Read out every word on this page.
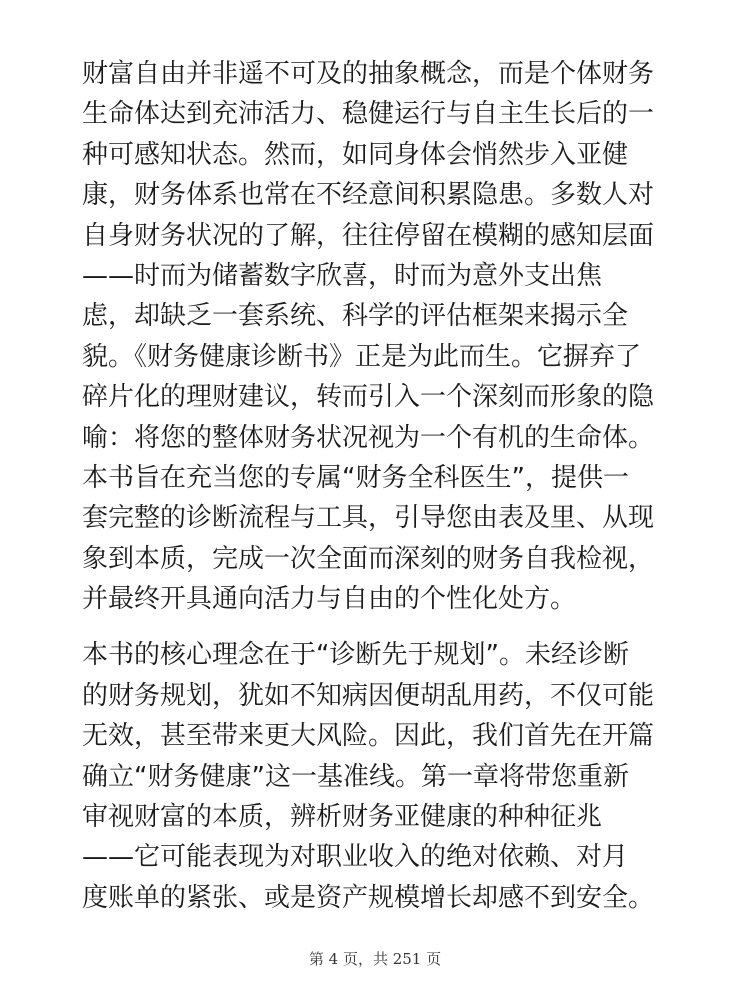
财富自由并非遥不可及的抽象概念，而是个体财务
生命体达到充沛活力、稳健运行与自主生长后的一
种可感知状态。然而，如同身体会悄然步入亚健
康，财务体系也常在不经意间积累隐患。多数人对
自身财务状况的了解，往往停留在模糊的感知层面
——时而为储蓄数字欣喜，时而为意外支出焦
虑，却缺乏一套系统、科学的评估框架来揭示全
貌。《财务健康诊断书》正是为此而生。它摒弃了
碎片化的理财建议，转而引入一个深刻而形象的隐
喻：将您的整体财务状况视为一个有机的生命体。
本书旨在充当您的专属“财务全科医生”，提供一
套完整的诊断流程与工具，引导您由表及里、从现
象到本质，完成一次全面而深刻的财务自我检视，
并最终开具通向活力与自由的个性化处方。
本书的核心理念在于“诊断先于规划”。未经诊断
的财务规划，犹如不知病因便胡乱用药，不仅可能
无效，甚至带来更大风险。因此，我们首先在开篇
确立“财务健康”这一基准线。第一章将带您重新
审视财富的本质，辨析财务亚健康的种种征兆
——它可能表现为对职业收入的绝对依赖、对月
度账单的紧张、或是资产规模增长却感不到安全。
第 4 页，共 251 页
